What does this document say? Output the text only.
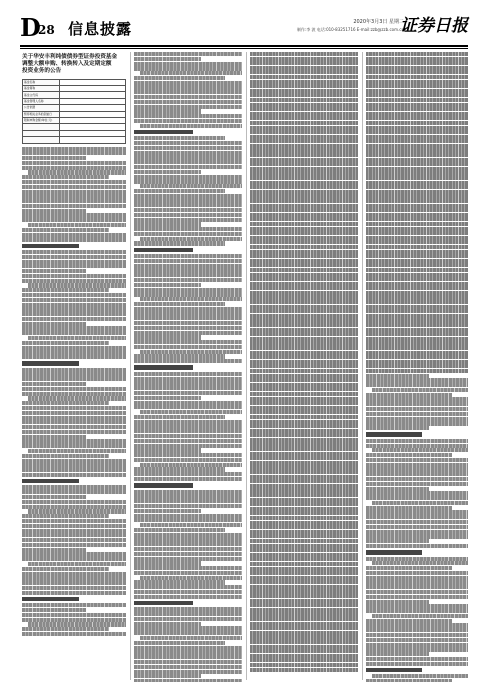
D
28 信息披露	2020年3月3日 星期二
制作:李 波 电话:010-83251716 E-mail:zzb@zzb.com.cn
证券日报
关于华安丰利纯债债券型证券投资基金
调整大额申购、转换转入及定期定额
投资业务的公告
基金名称	
基金简称	
基金主代码	
基金管理人名称	
公告依据	
暂停相关业务的起始日	
限制申购金额(单位:元)	
